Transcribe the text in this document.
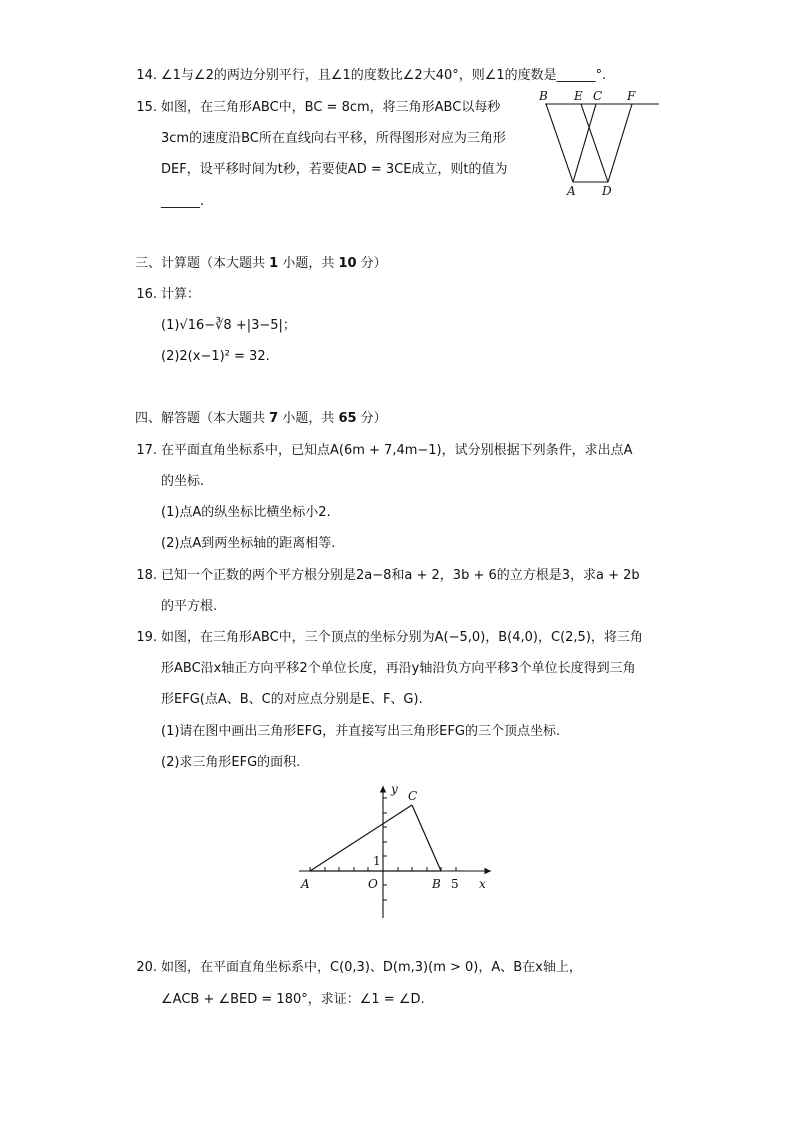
14. ∠1与∠2的两边分别平行，且∠1的度数比∠2大40°，则∠1的度数是______°.
15. 如图，在三角形ABC中，BC = 8cm，将三角形ABC以每秒
3cm的速度沿BC所在直线向右平移，所得图形对应为三角形
DEF，设平移时间为t秒，若要使AD = 3CE成立，则t的值为
______.
B E C F
A D
三、计算题（本大题共 1 小题，共 10 分）
16. 计算：
(1)√16−∛8 +|3−5|；
(2)2(x−1)² = 32.
四、解答题（本大题共 7 小题，共 65 分）
17. 在平面直角坐标系中，已知点A(6m + 7,4m−1)，试分别根据下列条件，求出点A
的坐标.
(1)点A的纵坐标比横坐标小2.
(2)点A到两坐标轴的距离相等.
18. 已知一个正数的两个平方根分别是2a−8和a + 2，3b + 6的立方根是3，求a + 2b
的平方根.
19. 如图，在三角形ABC中，三个顶点的坐标分别为A(−5,0)，B(4,0)，C(2,5)，将三角
形ABC沿x轴正方向平移2个单位长度，再沿y轴沿负方向平移3个单位长度得到三角
形EFG(点A、B、C的对应点分别是E、F、G).
(1)请在图中画出三角形EFG，并直接写出三角形EFG的三个顶点坐标.
(2)求三角形EFG的面积.
y C
1
A	O	B 5 x
20. 如图，在平面直角坐标系中，C(0,3)、D(m,3)(m > 0)，A、B在x轴上，
∠ACB + ∠BED = 180°，求证：∠1 = ∠D.
